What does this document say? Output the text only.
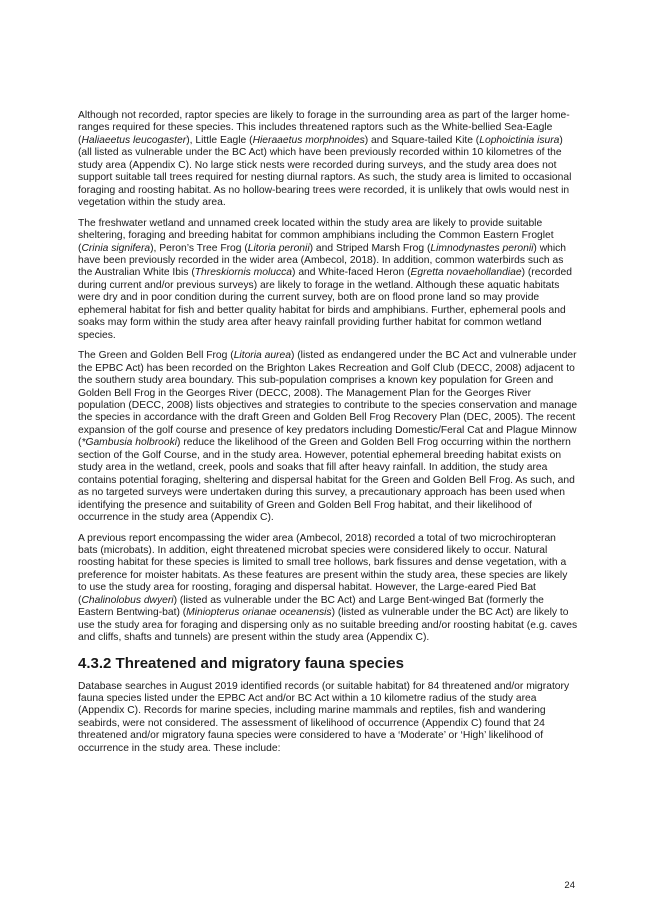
Although not recorded, raptor species are likely to forage in the surrounding area as part of the larger home-ranges required for these species. This includes threatened raptors such as the White-bellied Sea-Eagle (Haliaeetus leucogaster), Little Eagle (Hieraaetus morphnoides) and Square-tailed Kite (Lophoictinia isura) (all listed as vulnerable under the BC Act) which have been previously recorded within 10 kilometres of the study area (Appendix C). No large stick nests were recorded during surveys, and the study area does not support suitable tall trees required for nesting diurnal raptors. As such, the study area is limited to occasional foraging and roosting habitat. As no hollow-bearing trees were recorded, it is unlikely that owls would nest in vegetation within the study area.

The freshwater wetland and unnamed creek located within the study area are likely to provide suitable sheltering, foraging and breeding habitat for common amphibians including the Common Eastern Froglet (Crinia signifera), Peron’s Tree Frog (Litoria peronii) and Striped Marsh Frog (Limnodynastes peronii) which have been previously recorded in the wider area (Ambecol, 2018). In addition, common waterbirds such as the Australian White Ibis (Threskiornis molucca) and White-faced Heron (Egretta novaehollandiae) (recorded during current and/or previous surveys) are likely to forage in the wetland. Although these aquatic habitats were dry and in poor condition during the current survey, both are on flood prone land so may provide ephemeral habitat for fish and better quality habitat for birds and amphibians. Further, ephemeral pools and soaks may form within the study area after heavy rainfall providing further habitat for common wetland species.

The Green and Golden Bell Frog (Litoria aurea) (listed as endangered under the BC Act and vulnerable under the EPBC Act) has been recorded on the Brighton Lakes Recreation and Golf Club (DECC, 2008) adjacent to the southern study area boundary. This sub-population comprises a known key population for Green and Golden Bell Frog in the Georges River (DECC, 2008). The Management Plan for the Georges River population (DECC, 2008) lists objectives and strategies to contribute to the species conservation and manage the species in accordance with the draft Green and Golden Bell Frog Recovery Plan (DEC, 2005). The recent expansion of the golf course and presence of key predators including Domestic/Feral Cat and Plague Minnow (*Gambusia holbrooki) reduce the likelihood of the Green and Golden Bell Frog occurring within the northern section of the Golf Course, and in the study area. However, potential ephemeral breeding habitat exists on study area in the wetland, creek, pools and soaks that fill after heavy rainfall. In addition, the study area contains potential foraging, sheltering and dispersal habitat for the Green and Golden Bell Frog. As such, and as no targeted surveys were undertaken during this survey, a precautionary approach has been used when identifying the presence and suitability of Green and Golden Bell Frog habitat, and their likelihood of occurrence in the study area (Appendix C).

A previous report encompassing the wider area (Ambecol, 2018) recorded a total of two microchiropteran bats (microbats). In addition, eight threatened microbat species were considered likely to occur. Natural roosting habitat for these species is limited to small tree hollows, bark fissures and dense vegetation, with a preference for moister habitats. As these features are present within the study area, these species are likely to use the study area for roosting, foraging and dispersal habitat. However, the Large-eared Pied Bat (Chalinolobus dwyeri) (listed as vulnerable under the BC Act) and Large Bent-winged Bat (formerly the Eastern Bentwing-bat) (Miniopterus orianae oceanensis) (listed as vulnerable under the BC Act) are likely to use the study area for foraging and dispersing only as no suitable breeding and/or roosting habitat (e.g. caves and cliffs, shafts and tunnels) are present within the study area (Appendix C).

4.3.2 Threatened and migratory fauna species

Database searches in August 2019 identified records (or suitable habitat) for 84 threatened and/or migratory fauna species listed under the EPBC Act and/or BC Act within a 10 kilometre radius of the study area (Appendix C). Records for marine species, including marine mammals and reptiles, fish and wandering seabirds, were not considered. The assessment of likelihood of occurrence (Appendix C) found that 24 threatened and/or migratory fauna species were considered to have a ‘Moderate’ or ‘High’ likelihood of occurrence in the study area. These include:

24
